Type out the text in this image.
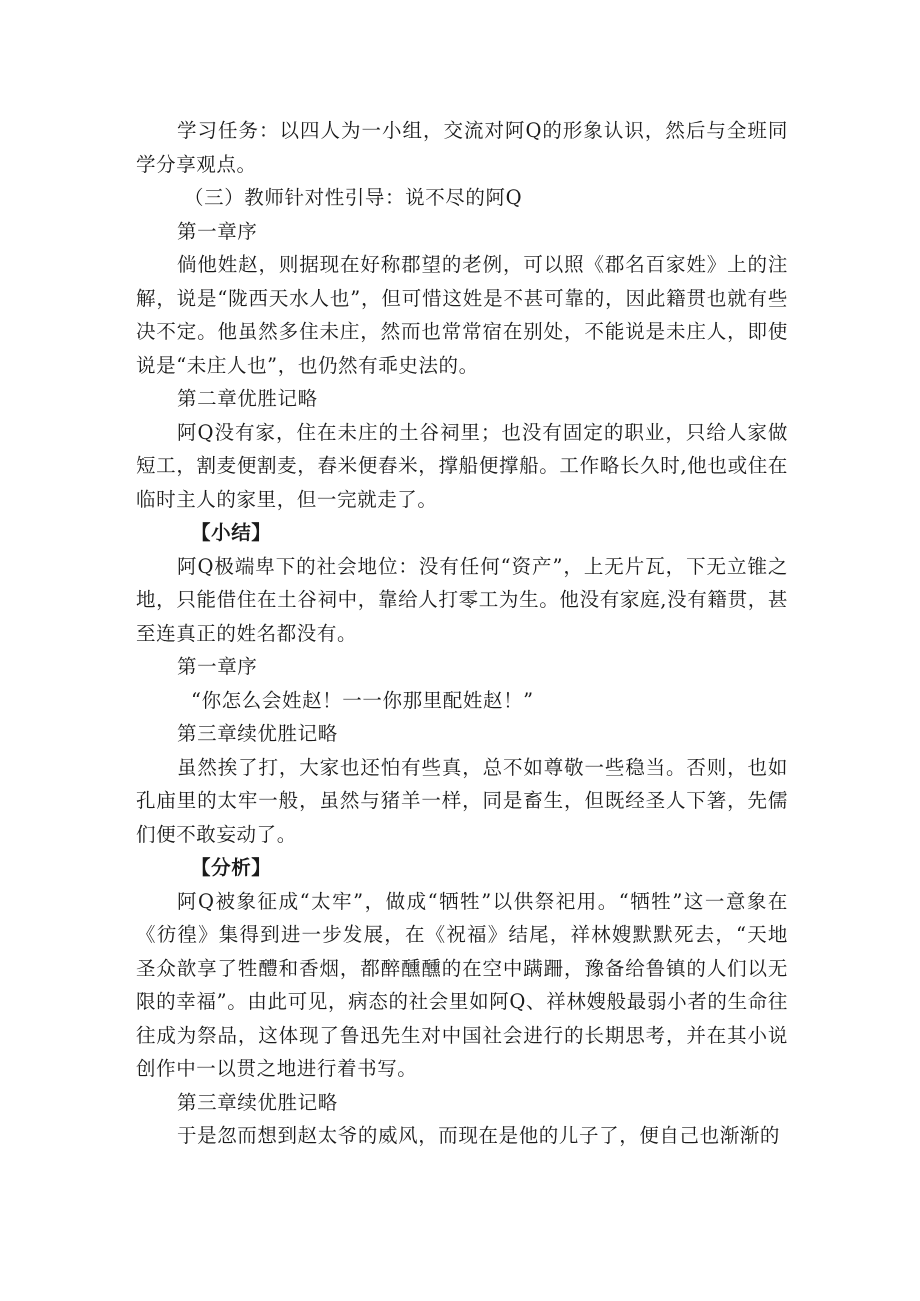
学习任务：以四人为一小组，交流对阿Q的形象认识，然后与全班同学分享观点。

（三）教师针对性引导：说不尽的阿Q

第一章序

倘他姓赵，则据现在好称郡望的老例，可以照《郡名百家姓》上的注解，说是“陇西天水人也”，但可惜这姓是不甚可靠的，因此籍贯也就有些决不定。他虽然多住未庄，然而也常常宿在别处，不能说是未庄人，即使说是“未庄人也”，也仍然有乖史法的。

第二章优胜记略

阿Q没有家，住在未庄的土谷祠里；也没有固定的职业，只给人家做短工，割麦便割麦，舂米便舂米，撑船便撑船。工作略长久时,他也或住在临时主人的家里，但一完就走了。

【小结】

阿Q极端卑下的社会地位：没有任何“资产”，上无片瓦，下无立锥之地，只能借住在土谷祠中，靠给人打零工为生。他没有家庭,没有籍贯，甚至连真正的姓名都没有。

第一章序

“你怎么会姓赵！一一你那里配姓赵！”

第三章续优胜记略

虽然挨了打，大家也还怕有些真，总不如尊敬一些稳当。否则，也如孔庙里的太牢一般，虽然与猪羊一样，同是畜生，但既经圣人下箸，先儒们便不敢妄动了。

【分析】

阿Q被象征成“太牢”，做成“牺牲”以供祭祀用。“牺牲”这一意象在《彷徨》集得到进一步发展，在《祝福》结尾，祥林嫂默默死去，“天地圣众歆享了牲醴和香烟，都醉醺醺的在空中蹒跚，豫备给鲁镇的人们以无限的幸福”。由此可见，病态的社会里如阿Q、祥林嫂般最弱小者的生命往往成为祭品，这体现了鲁迅先生对中国社会进行的长期思考，并在其小说创作中一以贯之地进行着书写。

第三章续优胜记略

于是忽而想到赵太爷的威风，而现在是他的儿子了，便自己也渐渐的
